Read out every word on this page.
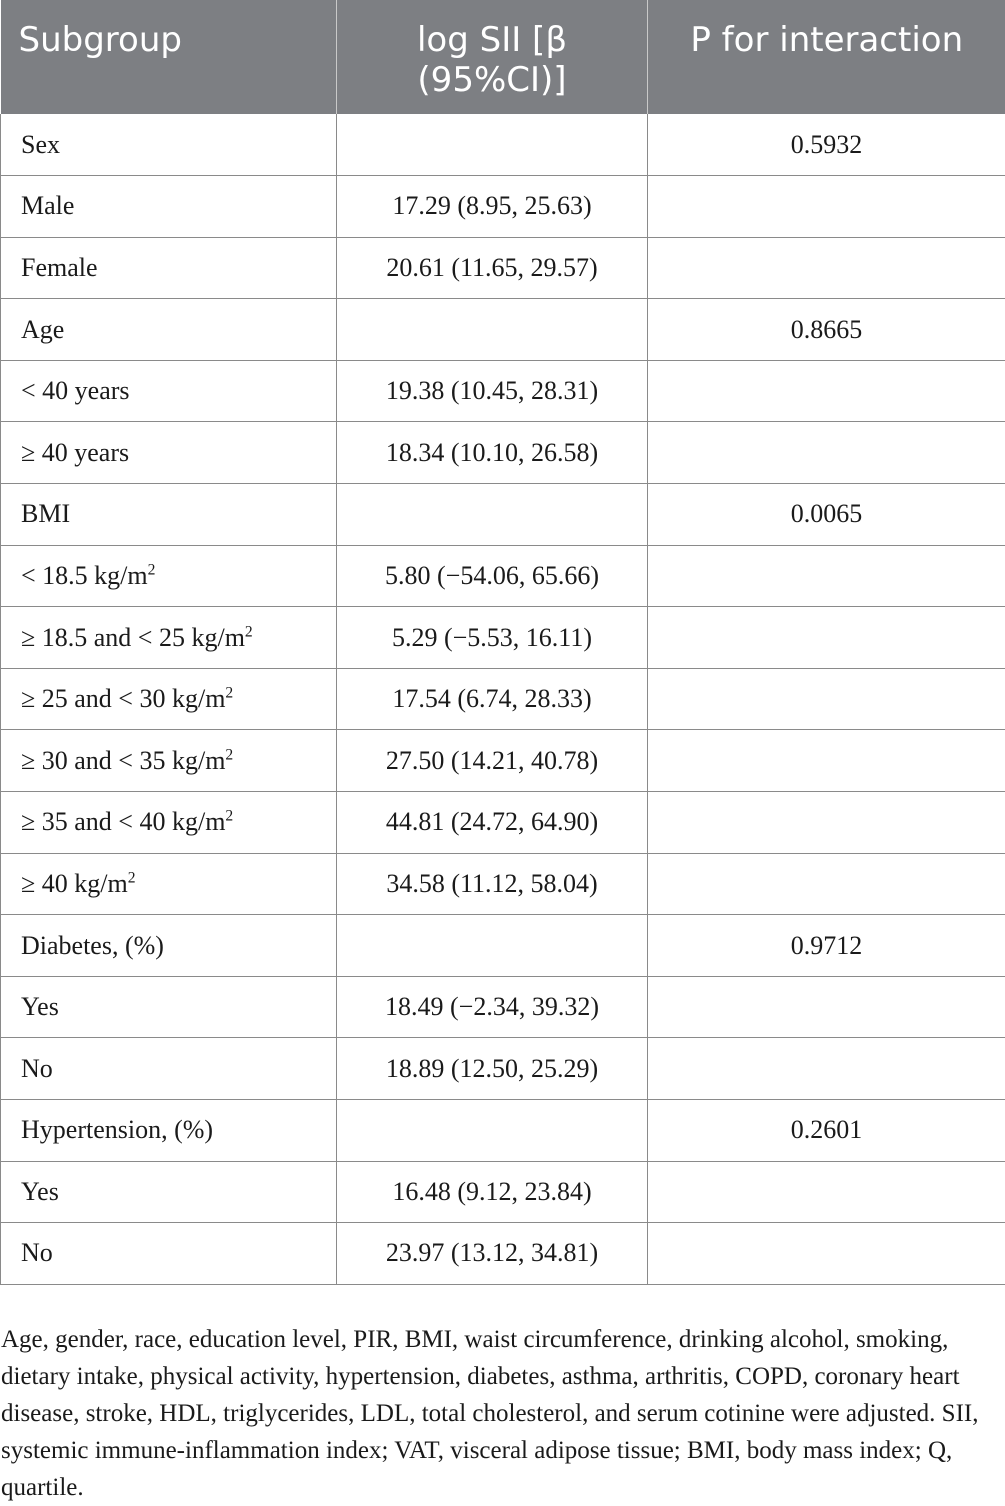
Subgroup	log SII [β (95%CI)]	P for interaction
Sex		0.5932
Male	17.29 (8.95, 25.63)	
Female	20.61 (11.65, 29.57)	
Age		0.8665
< 40 years	19.38 (10.45, 28.31)	
≥ 40 years	18.34 (10.10, 26.58)	
BMI		0.0065
< 18.5 $kg/m^2$	5.80 (−54.06, 65.66)	
≥ 18.5 and < 25 $kg/m^2$	5.29 (−5.53, 16.11)	
≥ 25 and < 30 $kg/m^2$	17.54 (6.74, 28.33)	
≥ 30 and < 35 $kg/m^2$	27.50 (14.21, 40.78)	
≥ 35 and < 40 $kg/m^2$	44.81 (24.72, 64.90)	
≥ 40 $kg/m^2$	34.58 (11.12, 58.04)	
Diabetes, (%)		0.9712
Yes	18.49 (−2.34, 39.32)	
No	18.89 (12.50, 25.29)	
Hypertension, (%)		0.2601
Yes	16.48 (9.12, 23.84)	
No	23.97 (13.12, 34.81)	

Age, gender, race, education level, PIR, BMI, waist circumference, drinking alcohol, smoking, dietary intake, physical activity, hypertension, diabetes, asthma, arthritis, COPD, coronary heart disease, stroke, HDL, triglycerides, LDL, total cholesterol, and serum cotinine were adjusted. SII, systemic immune-inflammation index; VAT, visceral adipose tissue; BMI, body mass index; Q, quartile.
